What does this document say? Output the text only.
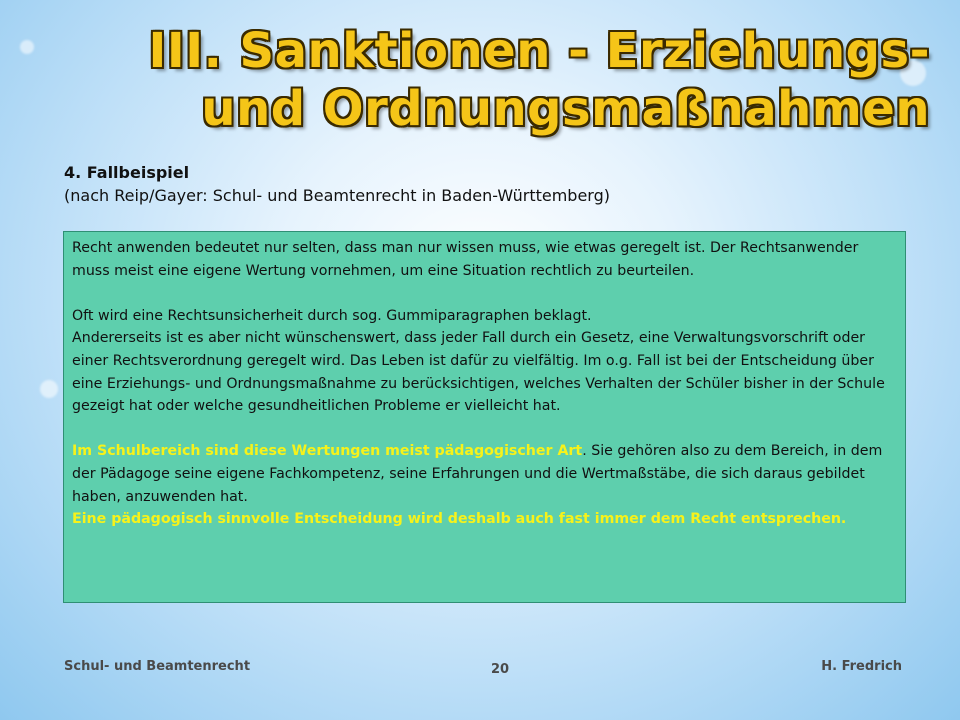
III. Sanktionen - Erziehungs- und Ordnungsmaßnahmen
4. Fallbeispiel
(nach Reip/Gayer: Schul- und Beamtenrecht in Baden-Württemberg)

Recht anwenden bedeutet nur selten, dass man nur wissen muss, wie etwas geregelt ist. Der Rechtsanwender muss meist eine eigene Wertung vornehmen, um eine Situation rechtlich zu beurteilen.

Oft wird eine Rechtsunsicherheit durch sog. Gummiparagraphen beklagt.

Andererseits ist es aber nicht wünschenswert, dass jeder Fall durch ein Gesetz, eine Verwaltungsvorschrift oder einer Rechtsverordnung geregelt wird. Das Leben ist dafür zu vielfältig. Im o.g. Fall ist bei der Entscheidung über eine Erziehungs- und Ordnungsmaßnahme zu berücksichtigen, welches Verhalten der Schüler bisher in der Schule gezeigt hat oder welche gesundheitlichen Probleme er vielleicht hat.

Im Schulbereich sind diese Wertungen meist pädagogischer Art. Sie gehören also zu dem Bereich, in dem der Pädagoge seine eigene Fachkompetenz, seine Erfahrungen und die Wertmaßstäbe, die sich daraus gebildet haben, anzuwenden hat.

Eine pädagogisch sinnvolle Entscheidung wird deshalb auch fast immer dem Recht entsprechen.

Schul- und Beamtenrecht	20	H. Fredrich
